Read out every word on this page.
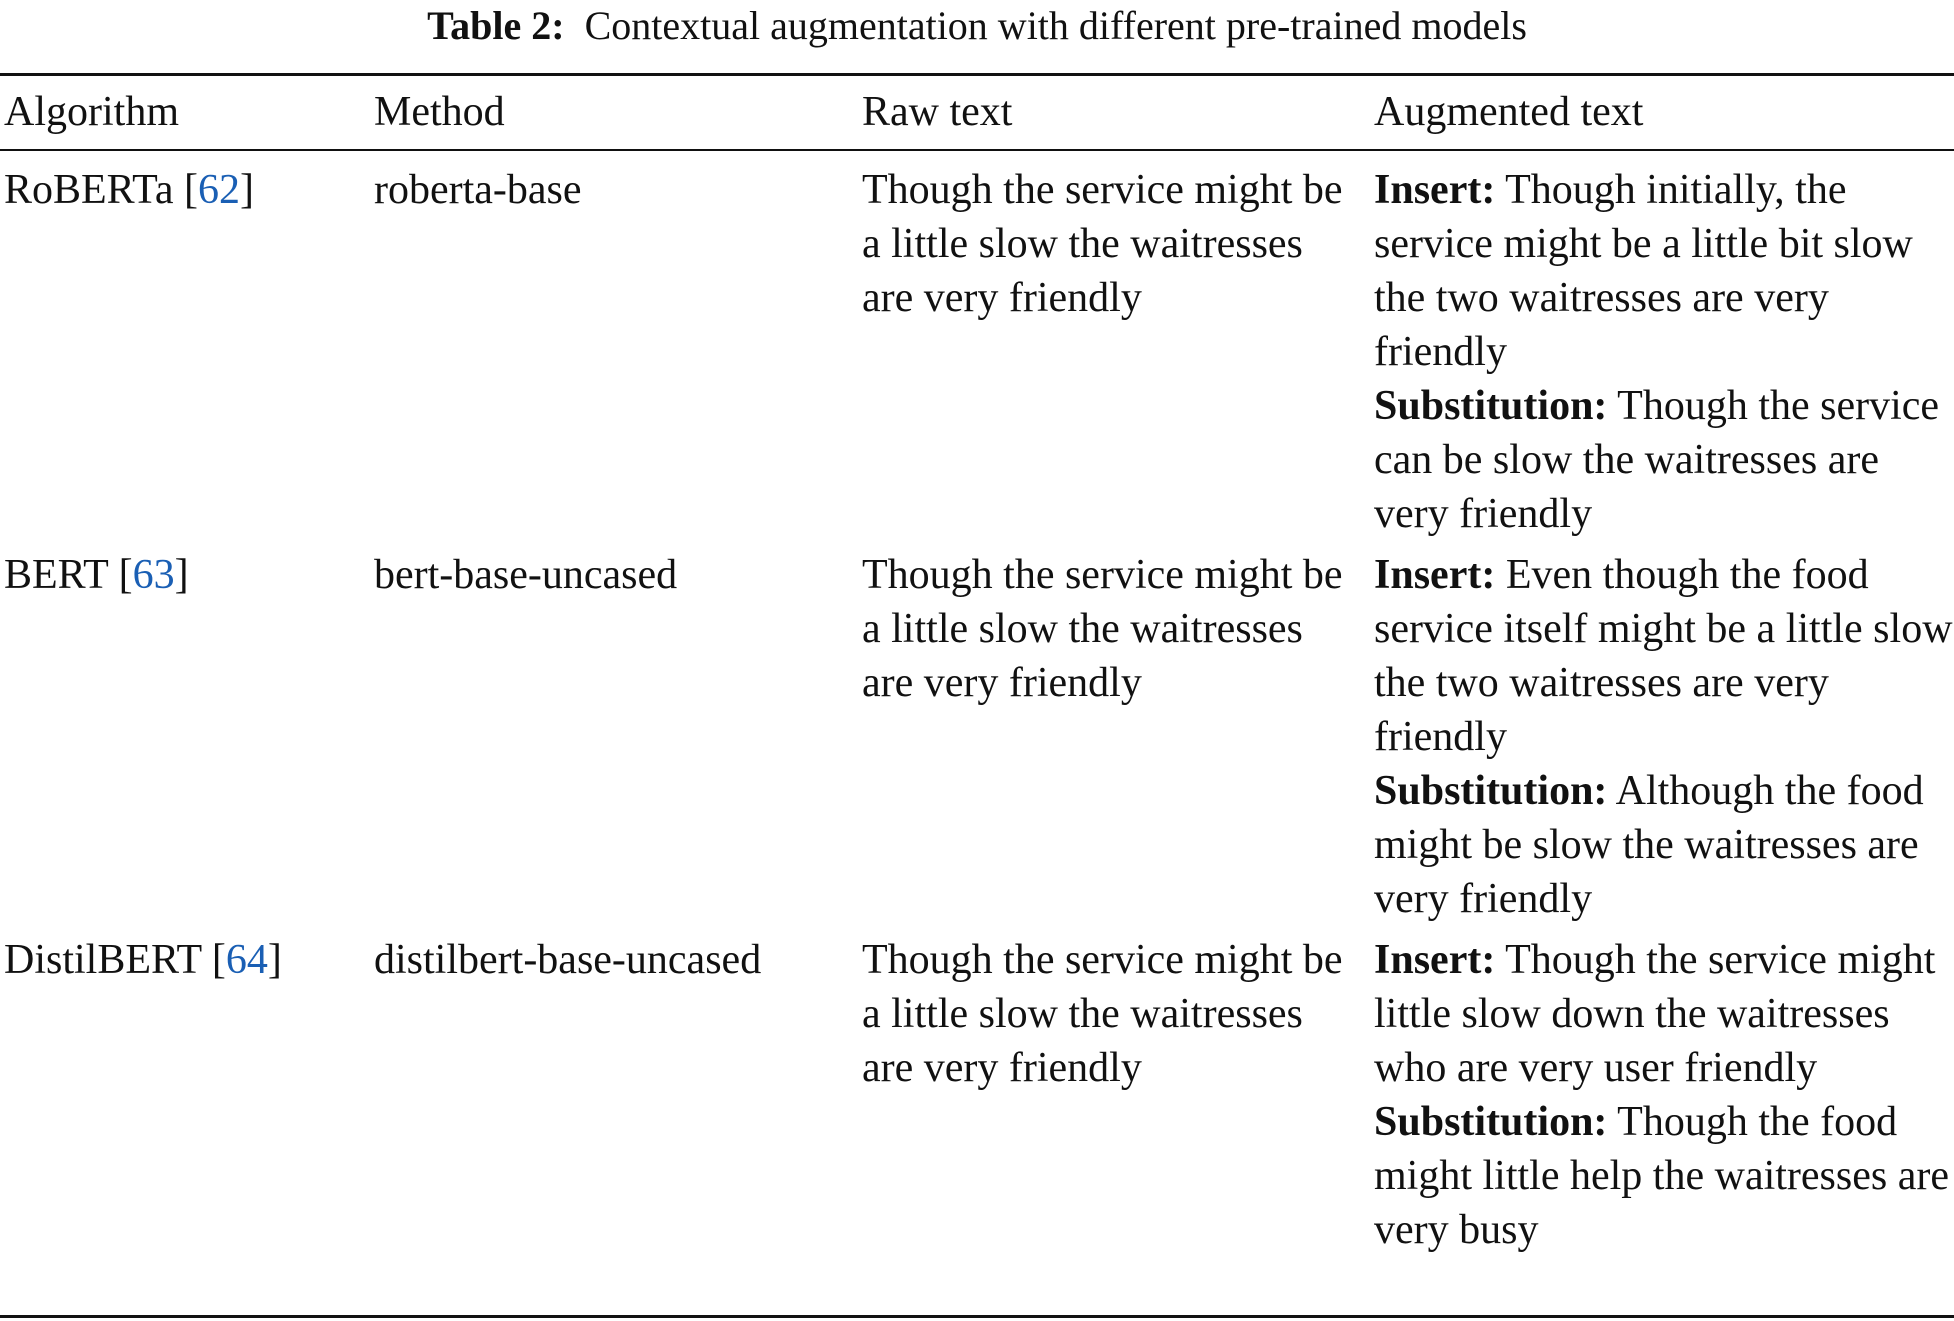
Table 2: Contextual augmentation with different pre-trained models
Algorithm	Method	Raw text	Augmented text
RoBERTa [62]	roberta-base	Though the service might be a little slow the waitresses are very friendly
Insert: Though initially, the service might be a little bit slow the two waitresses are very friendly
Substitution: Though the service can be slow the waitresses are very friendly
BERT [63]	bert-base-uncased	Though the service might be a little slow the waitresses are very friendly
Insert: Even though the food service itself might be a little slow the two waitresses are very friendly
Substitution: Although the food might be slow the waitresses are very friendly
DistilBERT [64]	distilbert-base-uncased	Though the service might be a little slow the waitresses are very friendly
Insert: Though the service might little slow down the waitresses who are very user friendly
Substitution: Though the food might little help the waitresses are very busy
